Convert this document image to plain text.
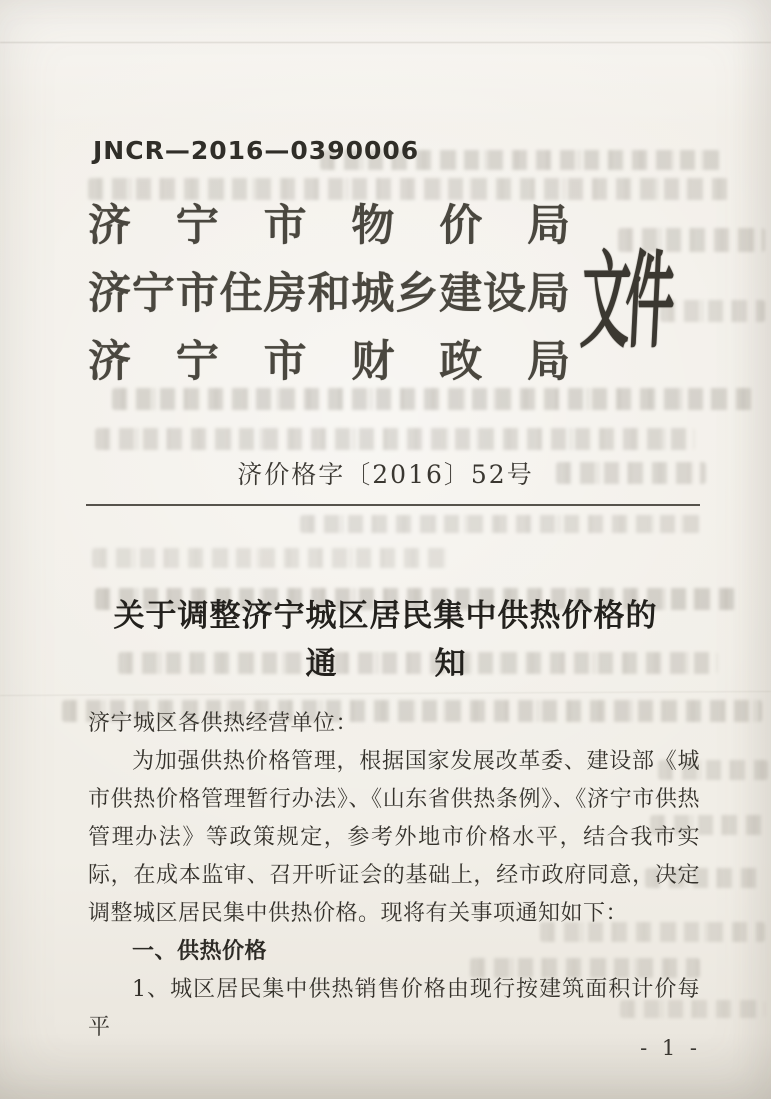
JNCR—2016—0390006
济 宁 市 物 价 局
济 宁 市 住 房 和 城 乡 建 设 局
济 宁 市 财 政 局 文件
济价格字〔2016〕52号
关于调整济宁城区居民集中供热价格的
通	知

济宁城区各供热经营单位：

为加强供热价格管理，根据国家发展改革委、建设部《城市供热价格管理暂行办法》、《山东省供热条例》、《济宁市供热管理办法》等政策规定，参考外地市价格水平，结合我市实际，在成本监审、召开听证会的基础上，经市政府同意，决定调整城区居民集中供热价格。现将有关事项通知如下：

一、供热价格

1、城区居民集中供热销售价格由现行按建筑面积计价每平

- 1 -
